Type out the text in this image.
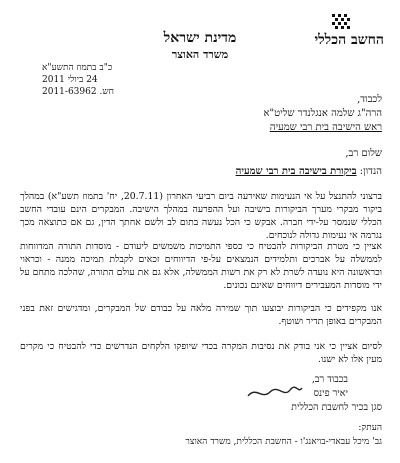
החשב הכללי
מדינת ישראל
משרד האוצר
כ"ב בתמוז התשע"א
24 ביולי 2011
חש. 2011-63962
לכבוד,
הרה"ג שלמה אנגלנדר שליט"א
ראש הישיבה בית רבי שמעיה
שלום רב,
הנדון: ביקורת בישיבה בית רבי שמעיה
ברצוני להתנצל על אי הנעימות שאירעה ביום רביעי האחרון (20.7.11, יח' בתמוז תשע"א) במהלך ביקור מבקרי מערך הביקורות בישיבה ועל ההפרעה במהלך הישיבה. המבקרים הינם עובדי החשב הכללי שנמסר על-ידי חברה. אבקש כי הכל נעשה בתום לב ולשם אחתך הדין, גם אם כתוצאה מכך נגרמה אי נעימות גדולה לנוכחים.
אציין כי מטרת הביקורות להבטיח כי כספי התמיכות משמשים ליעודם - מוסדות התורה המדווחות לממשלה על אברכים ותלמידים הנמצאים על-פי הדיווחים זכאים לקבלת תמיכה ממנה - וכראוי וכראשונה היא נועדה לשרת לא רק את רשות הממשלה, אלא גם את עולם התורה, שהלכה מתחם על ידי מוסדות המעבירים דיווחים שאינם נכונים.
אנו מקפידים כי הביקורות יבוצעו תוך שמירה מלאה על כבודם של המבקרים, ומדגישים זאת בפני המבקרים באופן תדיר ושוטף.
לסיום אציין כי אני בודק את נסיבות המקרה בכדי שיופקו הלקחים הנדרשים כדי להבטיח כי מקרים מעין אלו לא ישנו.
בכבוד רב,
יאיר פינס
סגן בכיר לחשבת הכללית
העתק:
גב' מיכל עבאדי-בויאנג'ו - החשבת הכללית, משרד האוצר
